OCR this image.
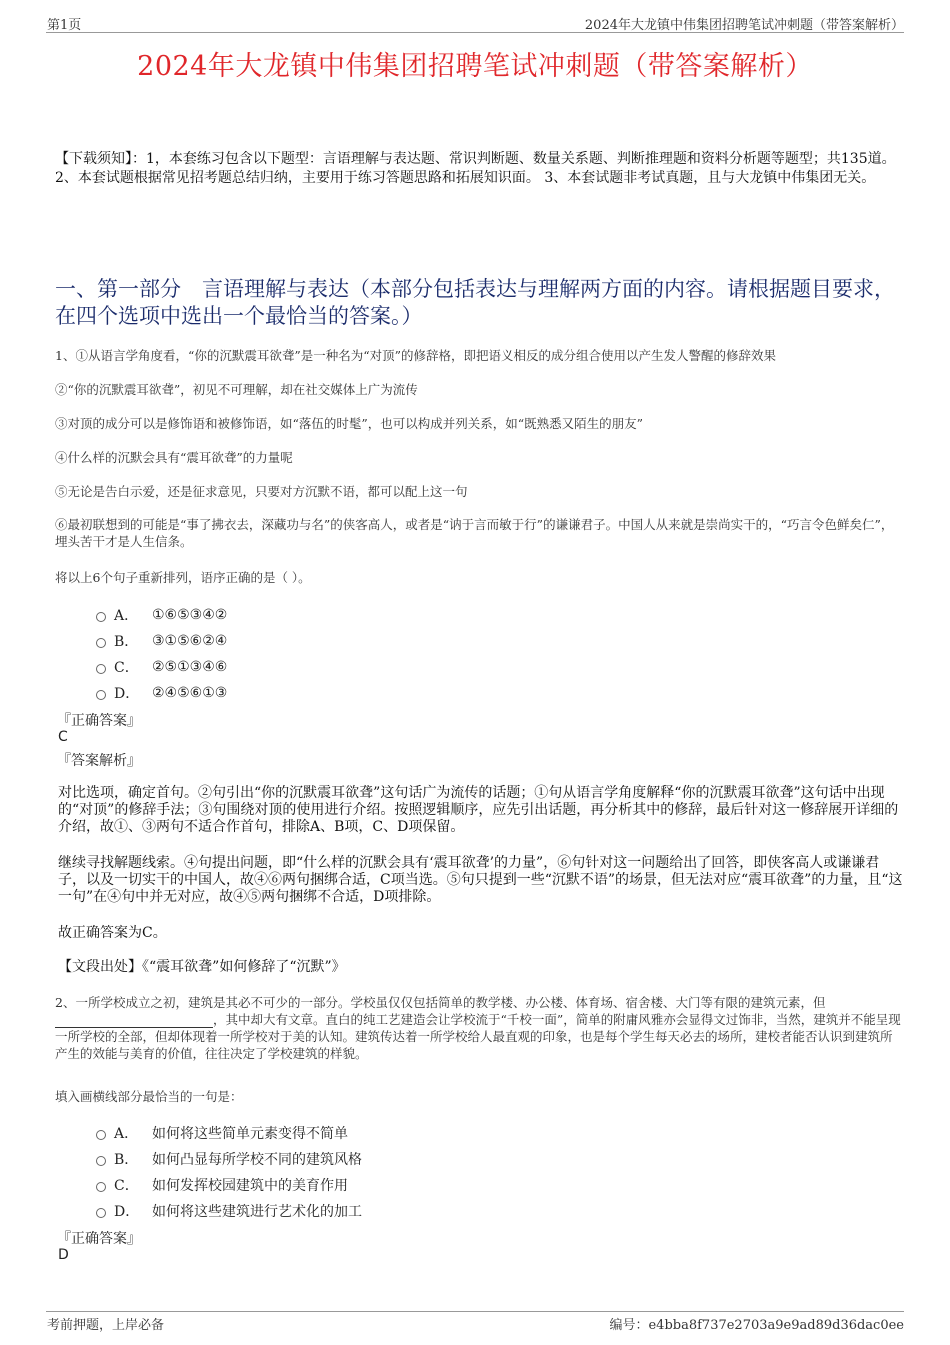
第1页	2024年大龙镇中伟集团招聘笔试冲刺题（带答案解析）
2024年大龙镇中伟集团招聘笔试冲刺题（带答案解析）
【下载须知】：1，本套练习包含以下题型：言语理解与表达题、常识判断题、数量关系题、判断推理题和资料分析题等题型；共135道。 2、本套试题根据常见招考题总结归纳，主要用于练习答题思路和拓展知识面。 3、本套试题非考试真题，且与大龙镇中伟集团无关。
一、第一部分　言语理解与表达（本部分包括表达与理解两方面的内容。请根据题目要求，在四个选项中选出一个最恰当的答案。）
1、①从语言学角度看，“你的沉默震耳欲聋”是一种名为“对顶”的修辞格，即把语义相反的成分组合使用以产生发人警醒的修辞效果
②“你的沉默震耳欲聋”，初见不可理解，却在社交媒体上广为流传
③对顶的成分可以是修饰语和被修饰语，如“落伍的时髦”，也可以构成并列关系，如“既熟悉又陌生的朋友”
④什么样的沉默会具有“震耳欲聋”的力量呢
⑤无论是告白示爱，还是征求意见，只要对方沉默不语，都可以配上这一句
⑥最初联想到的可能是“事了拂衣去，深藏功与名”的侠客高人，或者是“讷于言而敏于行”的谦谦君子。中国人从来就是崇尚实干的，“巧言令色鲜矣仁”，埋头苦干才是人生信条。
将以上6个句子重新排列，语序正确的是（ ）。
A． ①⑥⑤③④②
B． ③①⑤⑥②④
C． ②⑤①③④⑥
D． ②④⑤⑥①③
『正确答案』
C
『答案解析』
对比选项，确定首句。②句引出“你的沉默震耳欲聋”这句话广为流传的话题；①句从语言学角度解释“你的沉默震耳欲聋”这句话中出现的“对顶”的修辞手法；③句围绕对顶的使用进行介绍。按照逻辑顺序，应先引出话题，再分析其中的修辞，最后针对这一修辞展开详细的介绍，故①、③两句不适合作首句，排除A、B项，C、D项保留。
继续寻找解题线索。④句提出问题，即“什么样的沉默会具有‘震耳欲聋’的力量”，⑥句针对这一问题给出了回答，即侠客高人或谦谦君子，以及一切实干的中国人，故④⑥两句捆绑合适，C项当选。⑤句只提到一些“沉默不语”的场景，但无法对应“震耳欲聋”的力量，且“这一句”在④句中并无对应，故④⑤两句捆绑不合适，D项排除。
故正确答案为C。
【文段出处】《“震耳欲聋”如何修辞了“沉默”》
2、一所学校成立之初，建筑是其必不可少的一部分。学校虽仅仅包括简单的教学楼、办公楼、体育场、宿舍楼、大门等有限的建筑元素，但，其中却大有文章。直白的纯工艺建造会让学校流于“千校一面”，简单的附庸风雅亦会显得文过饰非，当然，建筑并不能呈现一所学校的全部，但却体现着一所学校对于美的认知。建筑传达着一所学校给人最直观的印象，也是每个学生每天必去的场所，建校者能否认识到建筑所产生的效能与美育的价值，往往决定了学校建筑的样貌。
填入画横线部分最恰当的一句是：
A． 如何将这些简单元素变得不简单
B． 如何凸显每所学校不同的建筑风格
C． 如何发挥校园建筑中的美育作用
D． 如何将这些建筑进行艺术化的加工
『正确答案』
D
考前押题，上岸必备	编号：e4bba8f737e2703a9e9ad89d36dac0ee
